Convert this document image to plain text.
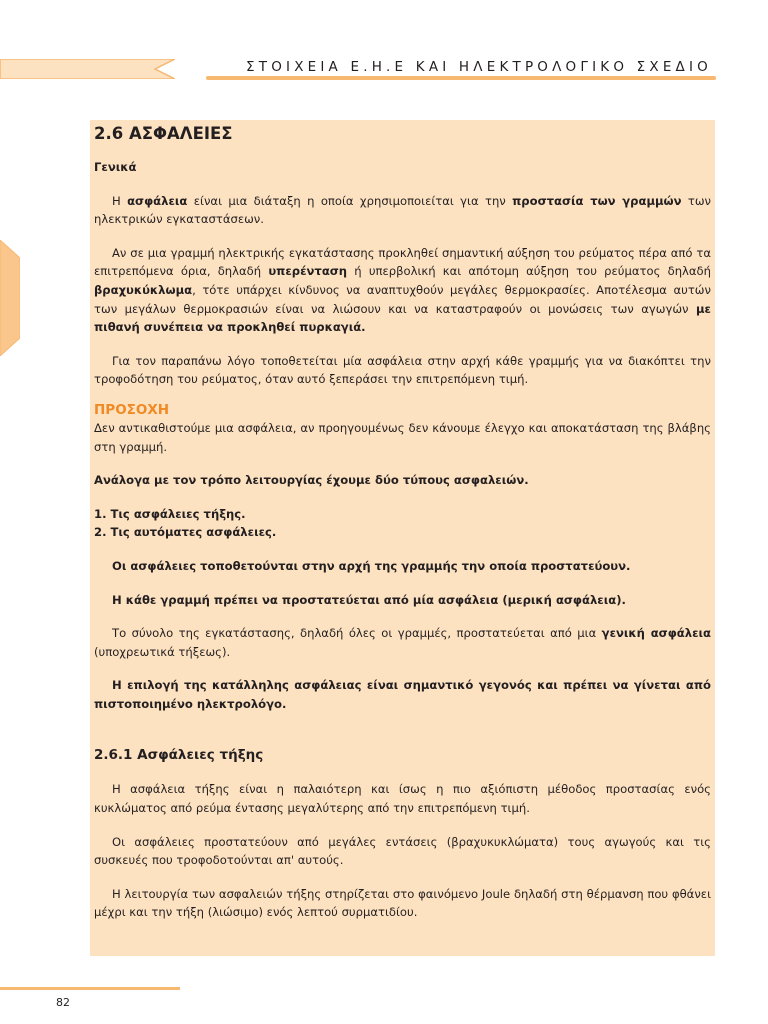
ΣΤΟΙΧΕΙΑ Ε.Η.Ε ΚΑΙ ΗΛΕΚΤΡΟΛΟΓΙΚΟ ΣΧΕΔΙΟ
2.6 ΑΣΦΑΛΕΙΕΣ

Γενικά

Η ασφάλεια είναι μια διάταξη η οποία χρησιμοποιείται για την προστασία των γραμμών των ηλεκτρικών εγκαταστάσεων.

Αν σε μια γραμμή ηλεκτρικής εγκατάστασης προκληθεί σημαντική αύξηση του ρεύματος πέρα από τα επιτρεπόμενα όρια, δηλαδή υπερένταση ή υπερβολική και απότομη αύξηση του ρεύματος δηλαδή βραχυκύκλωμα, τότε υπάρχει κίνδυνος να αναπτυχθούν μεγάλες θερμοκρασίες. Αποτέλεσμα αυτών των μεγάλων θερμοκρασιών είναι να λιώσουν και να καταστραφούν οι μονώσεις των αγωγών με πιθανή συνέπεια να προκληθεί πυρκαγιά.

Για τον παραπάνω λόγο τοποθετείται μία ασφάλεια στην αρχή κάθε γραμμής για να διακόπτει την τροφοδότηση του ρεύματος, όταν αυτό ξεπεράσει την επιτρεπόμενη τιμή.

ΠΡΟΣΟΧΗ

Δεν αντικαθιστούμε μια ασφάλεια, αν προηγουμένως δεν κάνουμε έλεγχο και αποκατάσταση της βλάβης στη γραμμή.

Ανάλογα με τον τρόπο λειτουργίας έχουμε δύο τύπους ασφαλειών.

1. Τις ασφάλειες τήξης.

2. Τις αυτόματες ασφάλειες.

Οι ασφάλειες τοποθετούνται στην αρχή της γραμμής την οποία προστατεύουν.

Η κάθε γραμμή πρέπει να προστατεύεται από μία ασφάλεια (μερική ασφάλεια).

Το σύνολο της εγκατάστασης, δηλαδή όλες οι γραμμές, προστατεύεται από μια γενική ασφάλεια (υποχρεωτικά τήξεως).

Η επιλογή της κατάλληλης ασφάλειας είναι σημαντικό γεγονός και πρέπει να γίνεται από πιστοποιημένο ηλεκτρολόγο.

2.6.1 Ασφάλειες τήξης

Η ασφάλεια τήξης είναι η παλαιότερη και ίσως η πιο αξιόπιστη μέθοδος προστασίας ενός κυκλώματος από ρεύμα έντασης μεγαλύτερης από την επιτρεπόμενη τιμή.

Οι ασφάλειες προστατεύουν από μεγάλες εντάσεις (βραχυκυκλώματα) τους αγωγούς και τις συσκευές που τροφοδοτούνται απ' αυτούς.

Η λειτουργία των ασφαλειών τήξης στηρίζεται στο φαινόμενο Joule δηλαδή στη θέρμανση που φθάνει μέχρι και την τήξη (λιώσιμο) ενός λεπτού συρματιδίου.

82
